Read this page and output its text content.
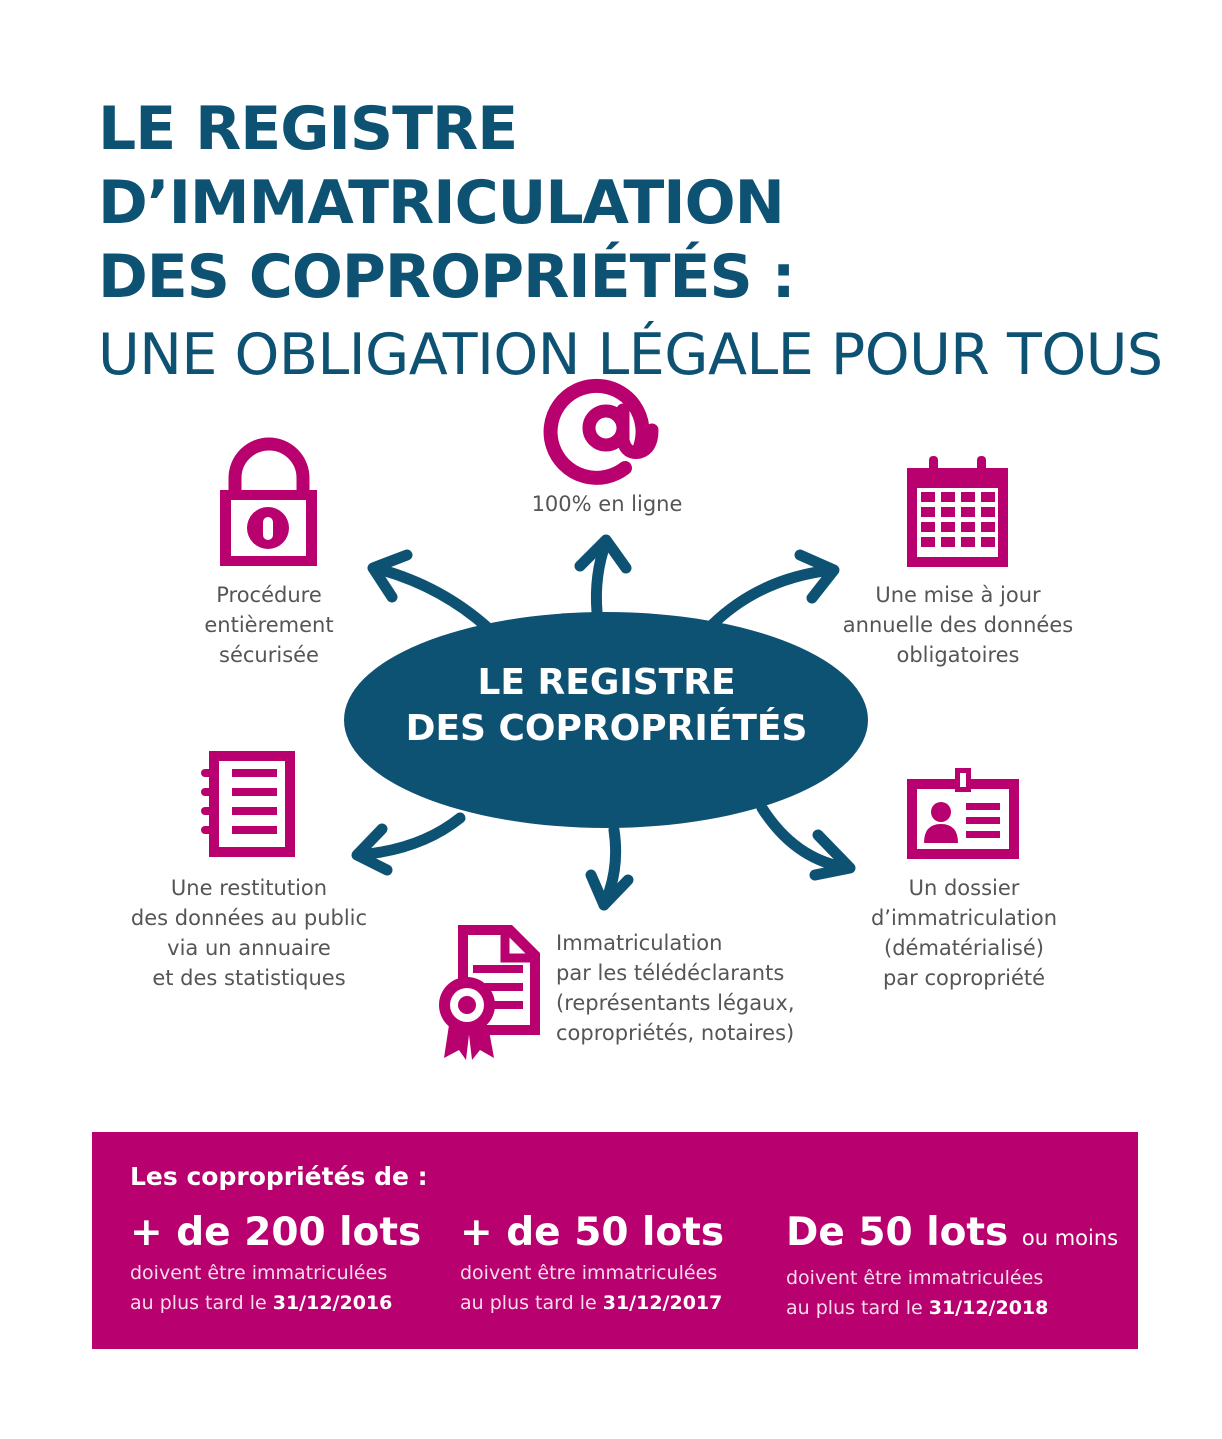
LE REGISTRE D’IMMATRICULATION
DES COPROPRIÉTÉS :
UNE OBLIGATION LÉGALE POUR TOUS
LE REGISTRE
DES COPROPRIÉTÉS
100% en ligne
Procédure
entièrement
sécurisée
Une mise à jour
annuelle des données
obligatoires
Une restitution
des données au public
via un annuaire
et des statistiques
Immatriculation
par les télédéclarants
(représentants légaux,
copropriétés, notaires)
Un dossier
d’immatriculation
(dématérialisé)
par copropriété
Les copropriétés de :
+ de 200 lots
doivent être immatriculées
au plus tard le 31/12/2016
+ de 50 lots
doivent être immatriculées
au plus tard le 31/12/2017
De 50 lots ou moins
doivent être immatriculées
au plus tard le 31/12/2018
